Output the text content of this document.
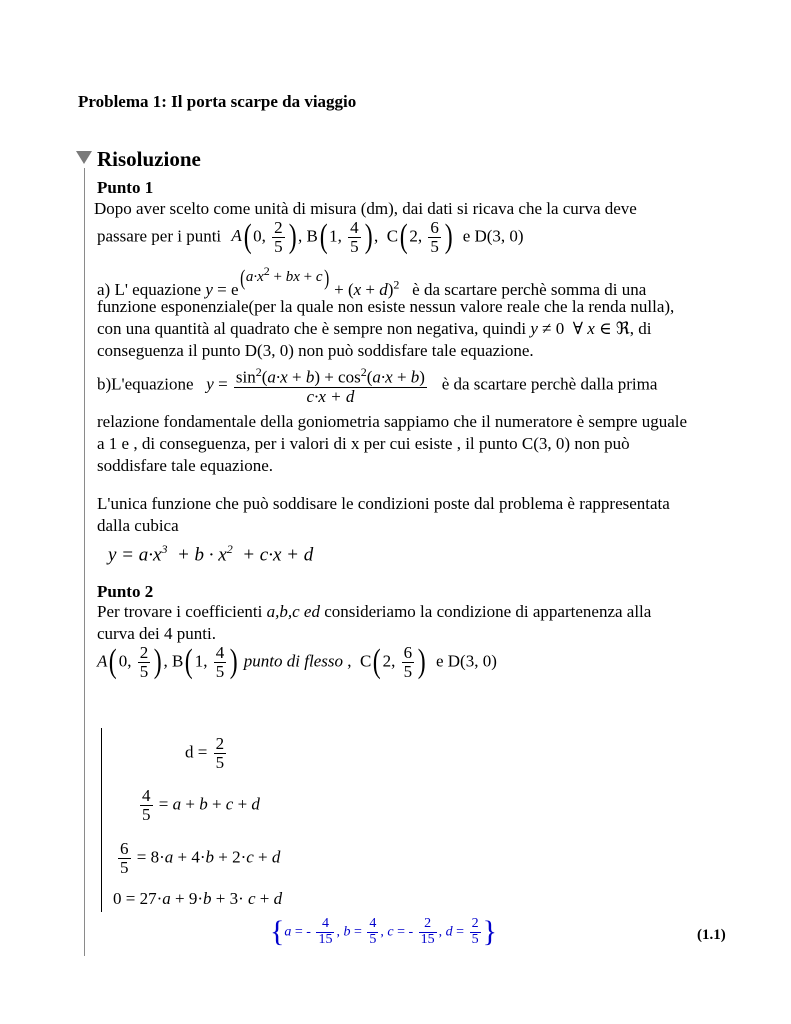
Problema 1: Il porta scarpe da viaggio
Risoluzione
Punto 1
Dopo aver scelto come unità di misura (dm), dai dati si ricava che la curva deve
passare per i punti A(0, $\frac{2}{5}$ ), B(1, $\frac{4}{5}$ ),  C(2, $\frac{6}{5}$ )  e D(3, 0)
a) L' equazione $y = e(a\cdot x^2$ + bx + $c) + (x + d)^2$ è da scartare perchè somma di una
funzione esponenziale(per la quale non esiste nessun valore reale che la renda nulla),
con una quantità al quadrato che è sempre non negativa, quindi y ≠ 0  ∀ x ∈ ℜ, di
conseguenza il punto D(3, 0) non può soddisfare tale equazione.
b)L'equazione $y = \frac{\sin^2(a\cdot x + b) + \cos^2(a\cdot x + b)}{c\cdot x + d}$ è da scartare perchè dalla prima
relazione fondamentale della goniometria sappiamo che il numeratore è sempre uguale
a 1 e , di conseguenza, per i valori di x per cui esiste , il punto C(3, 0) non può
soddisfare tale equazione.
L'unica funzione che può soddisare le condizioni poste dal problema è rappresentata
dalla cubica
$y = a\cdot x^3 + b \cdot x^2 + c\cdot x + d$
Punto 2
Per trovare i coefficienti a,b,c ed consideriamo la condizione di appartenenza alla
curva dei 4 punti.
A(0, $\frac{2}{5}$ ), B(1, $\frac{4}{5}$ ) punto di flesso ,  C(2, $\frac{6}{5}$ )  e D(3, 0)
$d = \frac{2}{5}$
$\frac{4}{5} = a + b + c + d$
$\frac{6}{5} = 8\cdot a + 4\cdot b + 2\cdot c + d$
0 = 27·a + 9·b + 3· c + d
{a = - $\frac{4}{15}$ , $b = \frac{4}{5}$ , c = - $\frac{2}{15}$ , $d = \frac{2}{5}$ }	(1.1)
